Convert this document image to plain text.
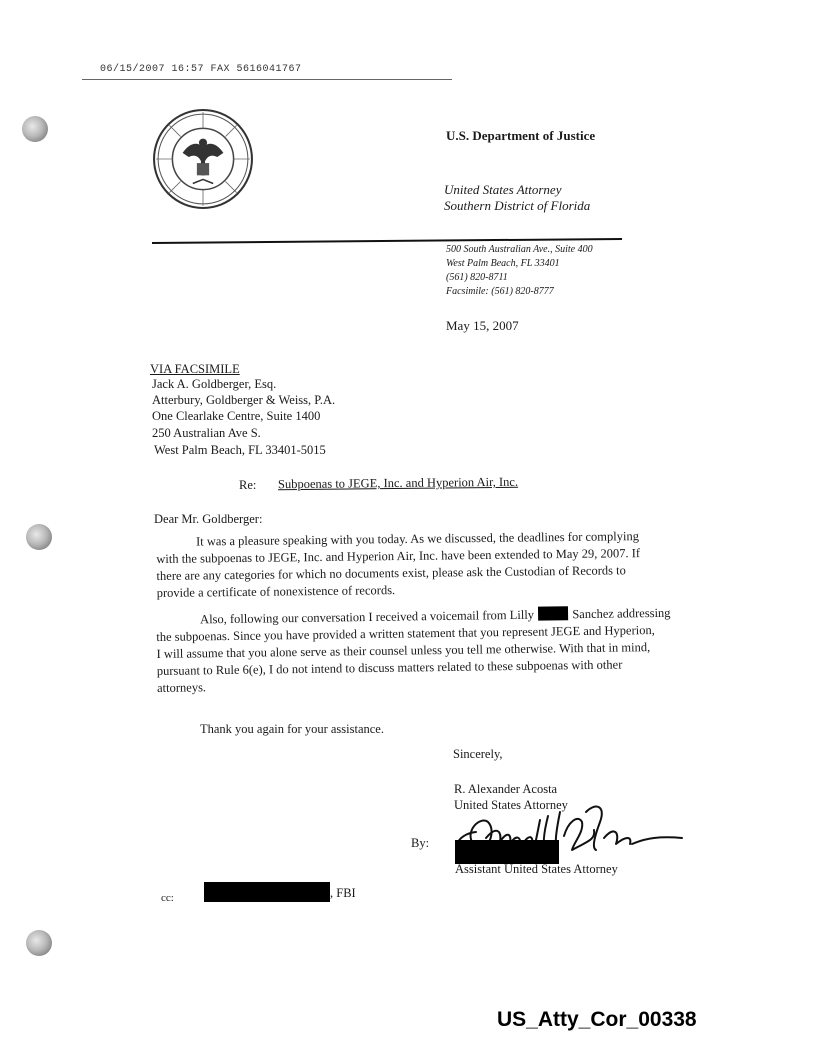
06/15/2007 16:57 FAX 5616041767
U.S. Department of Justice
United States Attorney
Southern District of Florida
500 South Australian Ave., Suite 400
West Palm Beach, FL 33401
(561) 820-8711
Facsimile: (561) 820-8777
May 15, 2007
VIA FACSIMILE
Jack A. Goldberger, Esq.
Atterbury, Goldberger & Weiss, P.A.
One Clearlake Centre, Suite 1400
250 Australian Ave S.
West Palm Beach, FL 33401-5015
Re: Subpoenas to JEGE, Inc. and Hyperion Air, Inc.
Dear Mr. Goldberger:
It was a pleasure speaking with you today. As we discussed, the deadlines for complying
with the subpoenas to JEGE, Inc. and Hyperion Air, Inc. have been extended to May 29, 2007. If
there are any categories for which no documents exist, please ask the Custodian of Records to
provide a certificate of nonexistence of records.
Also, following our conversation I received a voicemail from Lilly	Sanchez addressing
the subpoenas. Since you have provided a written statement that you represent JEGE and Hyperion,
I will assume that you alone serve as their counsel unless you tell me otherwise. With that in mind,
pursuant to Rule 6(e), I do not intend to discuss matters related to these subpoenas with other
attorneys.
Thank you again for your assistance.
Sincerely,
R. Alexander Acosta
United States Attorney
By:
Assistant United States Attorney
cc:	, FBI
US_Atty_Cor_00338
